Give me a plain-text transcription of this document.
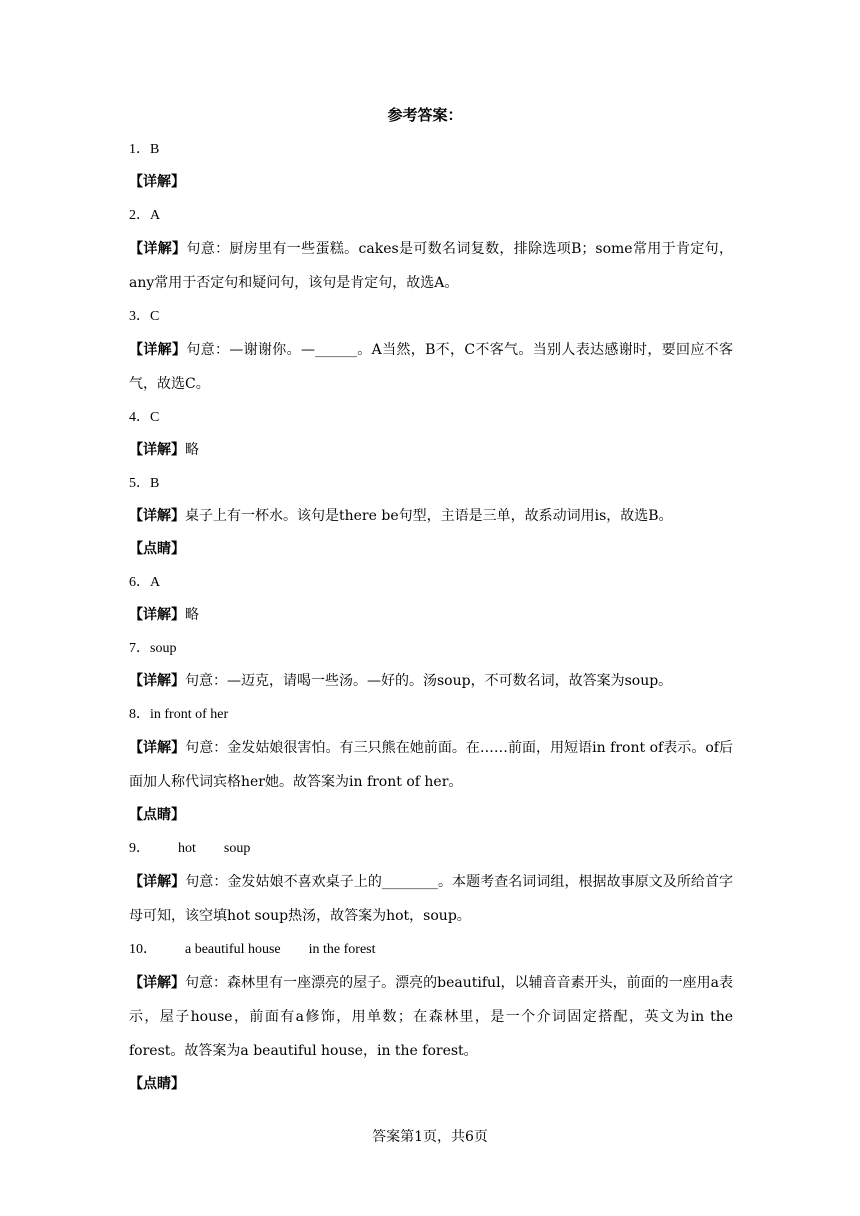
参考答案：
1．B
【详解】
2．A
【详解】句意：厨房里有一些蛋糕。cakes是可数名词复数，排除选项B；some常用于肯定句，any常用于否定句和疑问句，该句是肯定句，故选A。
3．C
【详解】句意：—谢谢你。—______。A当然，B不，C不客气。当别人表达感谢时，要回应不客气，故选C。
4．C
【详解】略
5．B
【详解】桌子上有一杯水。该句是there be句型，主语是三单，故系动词用is，故选B。
【点睛】
6．A
【详解】略
7．soup
【详解】句意：—迈克，请喝一些汤。—好的。汤soup，不可数名词，故答案为soup。
8．in front of her
【详解】句意：金发姑娘很害怕。有三只熊在她前面。在……前面，用短语in front of表示。of后面加人称代词宾格her她。故答案为in front of her。
【点睛】
9．        hot        soup
【详解】句意：金发姑娘不喜欢桌子上的________。本题考查名词词组，根据故事原文及所给首字母可知，该空填hot soup热汤，故答案为hot，soup。
10．        a beautiful house        in the forest
【详解】句意：森林里有一座漂亮的屋子。漂亮的beautiful，以辅音音素开头，前面的一座用a表示，屋子house，前面有a修饰，用单数；在森林里，是一个介词固定搭配，英文为in the forest。故答案为a beautiful house，in the forest。
【点睛】
答案第1页，共6页
